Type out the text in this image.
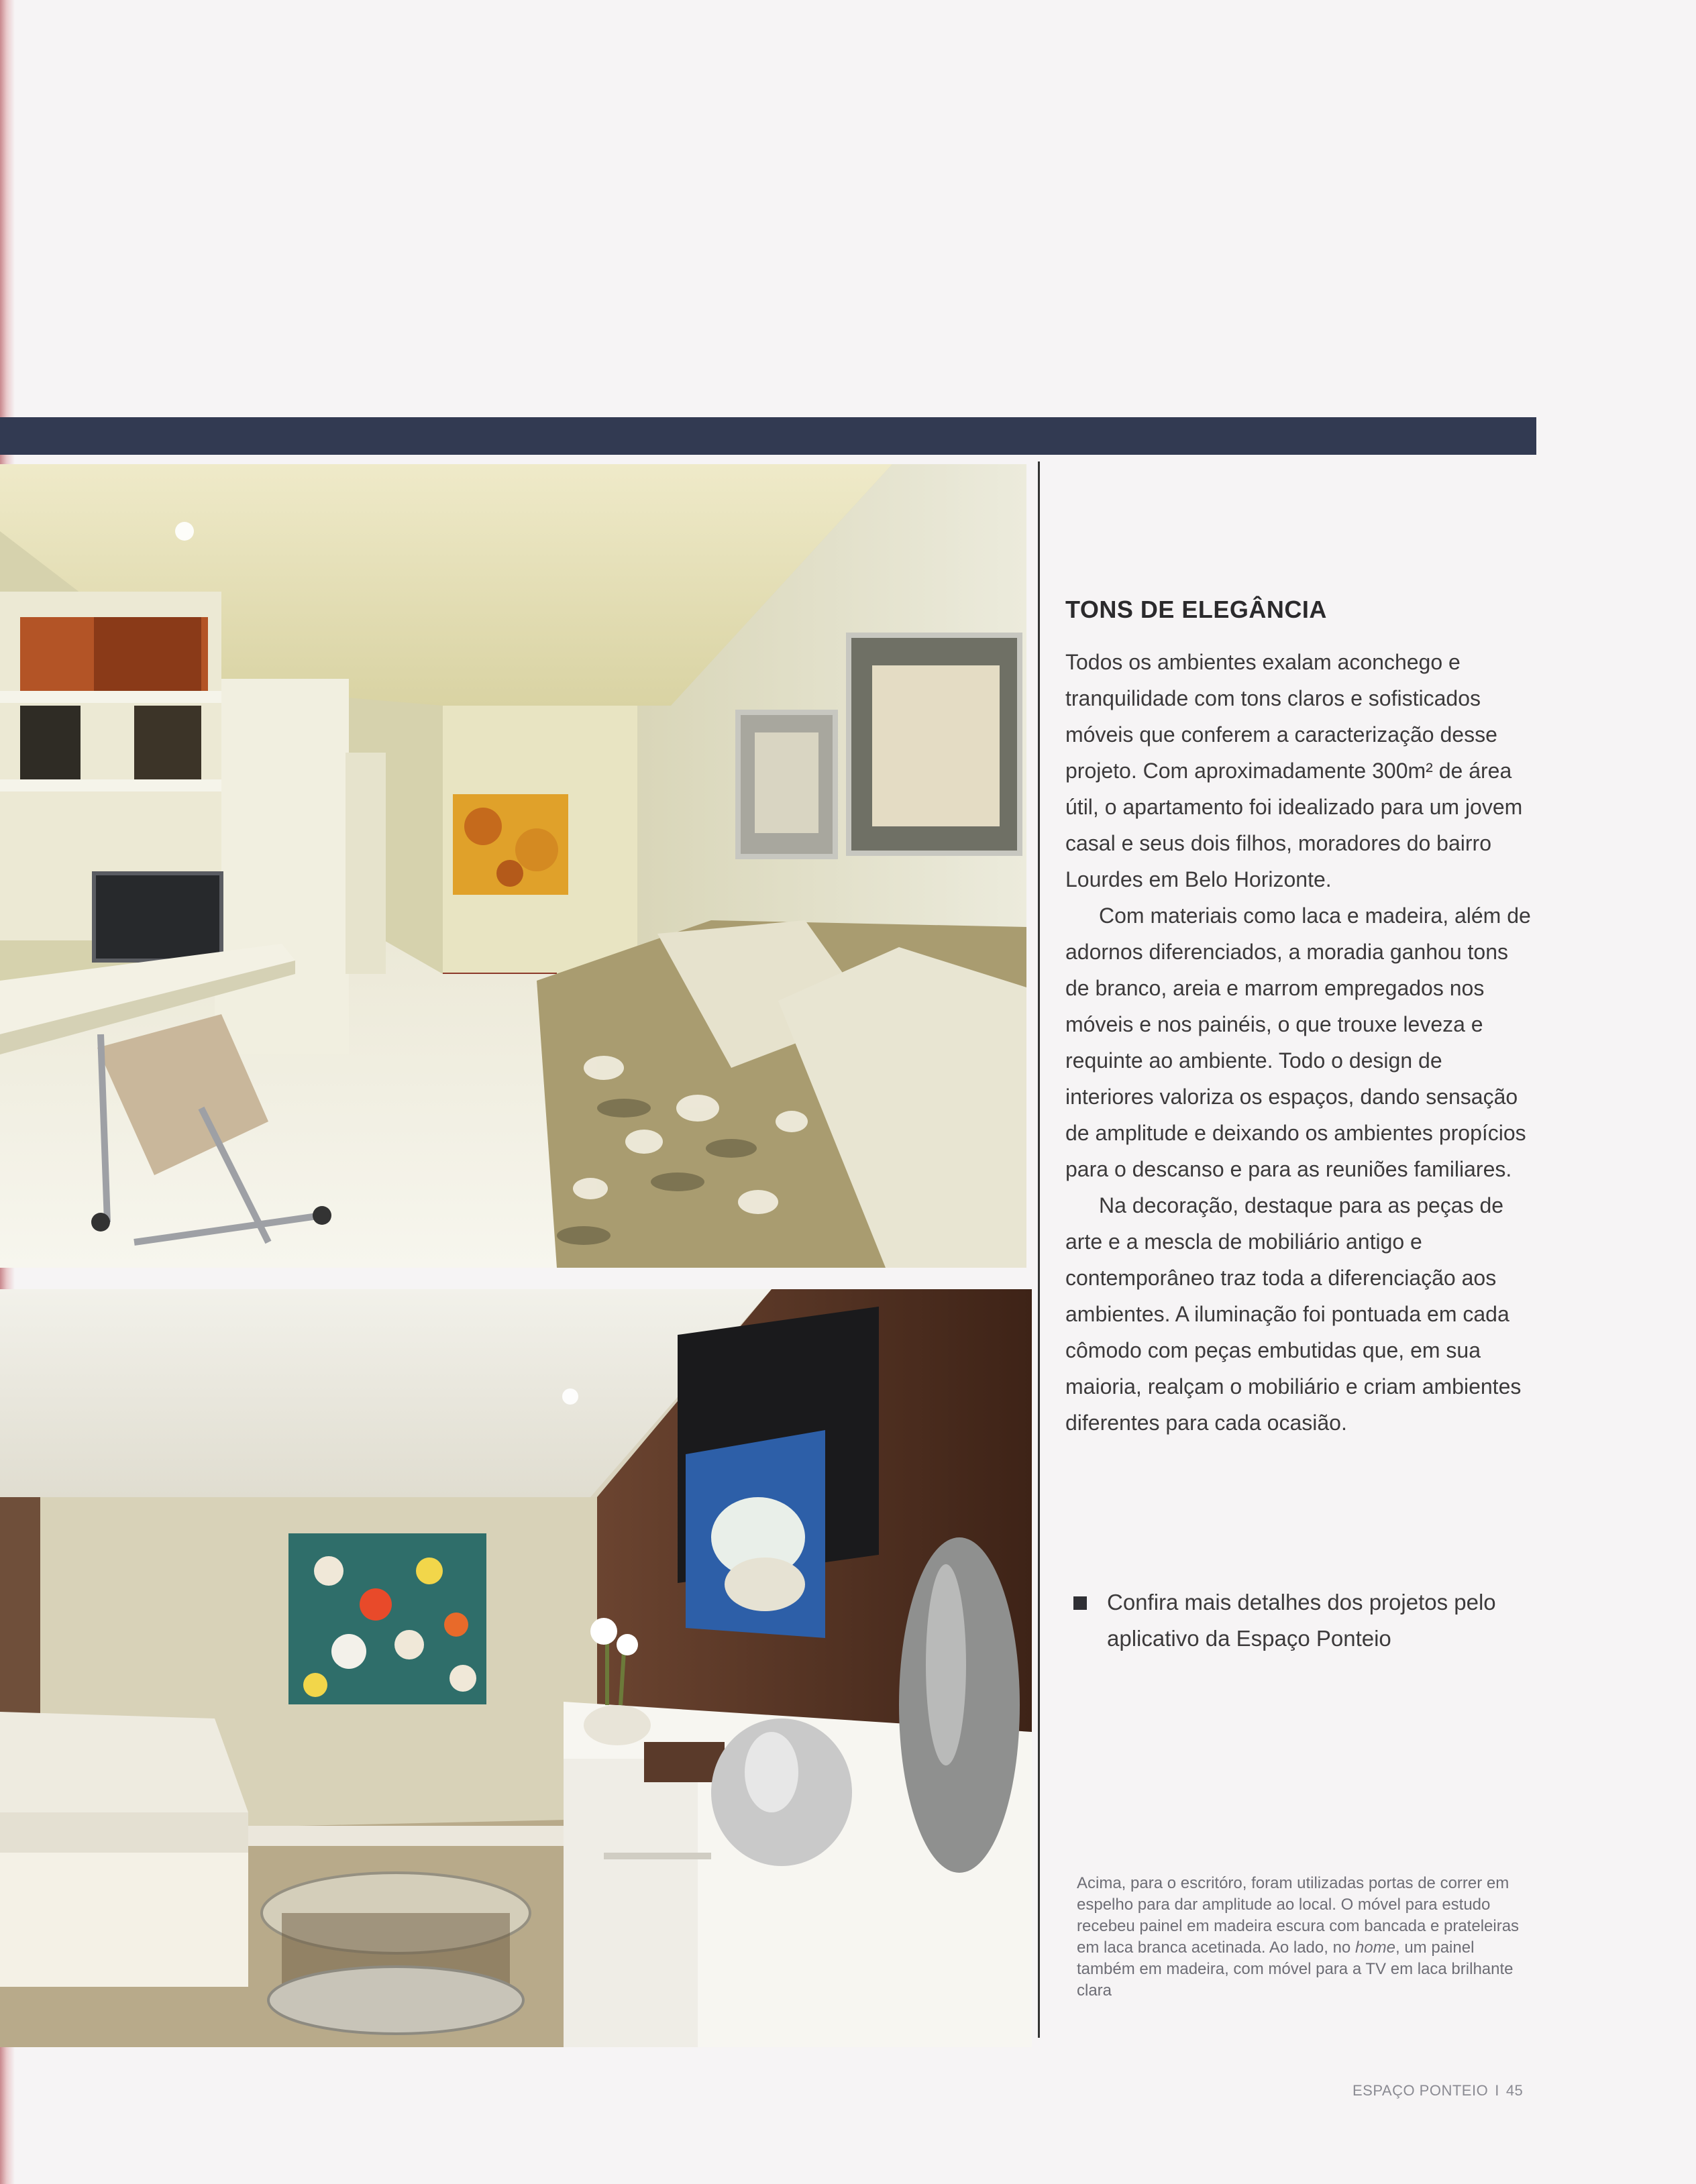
TONS DE ELEGÂNCIA

Todos os ambientes exalam aconchego e tranquilidade com tons claros e sofisticados móveis que conferem a caracterização desse projeto. Com aproximadamente 300m² de área útil, o apartamento foi idealizado para um jovem casal e seus dois filhos, moradores do bairro Lourdes em Belo Horizonte.

Com materiais como laca e madeira, além de adornos diferenciados, a moradia ganhou tons de branco, areia e marrom empregados nos móveis e nos painéis, o que trouxe leveza e requinte ao ambiente. Todo o design de interiores valoriza os espaços, dando sensação de amplitude e deixando os ambientes propícios para o descanso e para as reuniões familiares.

Na decoração, destaque para as peças de arte e a mescla de mobiliário antigo e contemporâneo traz toda a diferenciação aos ambientes. A iluminação foi pontuada em cada cômodo com peças embutidas que, em sua maioria, realçam o mobiliário e criam ambientes diferentes para cada ocasião.

Confira mais detalhes dos projetos pelo aplicativo da Espaço Ponteio
Acima, para o escritóro, foram utilizadas portas de correr em espelho para dar amplitude ao local. O móvel para estudo recebeu painel em madeira escura com bancada e prateleiras em laca branca acetinada. Ao lado, no home, um painel também em madeira, com móvel para a TV em laca brilhante clara
ESPAÇO PONTEIO I 45
